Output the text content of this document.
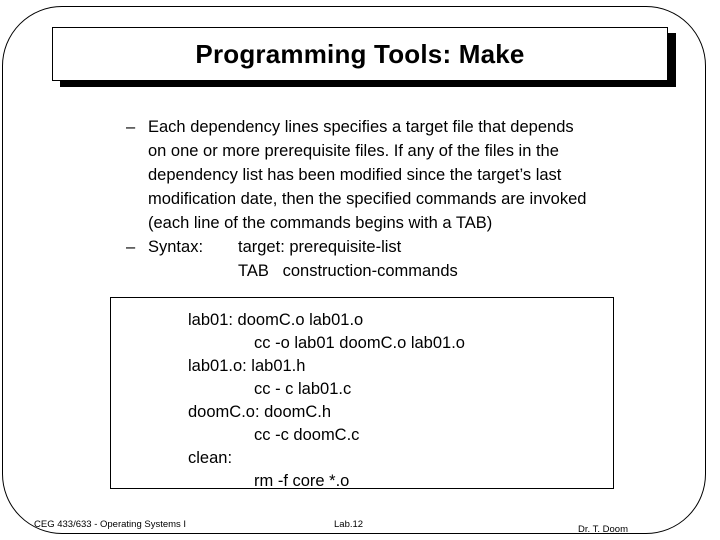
Programming Tools: Make
– Each dependency lines specifies a target file that depends
on one or more prerequisite files. If any of the files in the
dependency list has been modified since the target’s last
modification date, then the specified commands are invoked
(each line of the commands begins with a TAB)
– Syntax:	target: prerequisite-list
TAB   construction-commands
lab01: doomC.o lab01.o
cc -o lab01 doomC.o lab01.o
lab01.o: lab01.h
cc - c lab01.c
doomC.o: doomC.h
cc -c doomC.c
clean:
rm -f core *.o
CEG 433/633 - Operating Systems I	Lab.12	Dr. T. Doom
